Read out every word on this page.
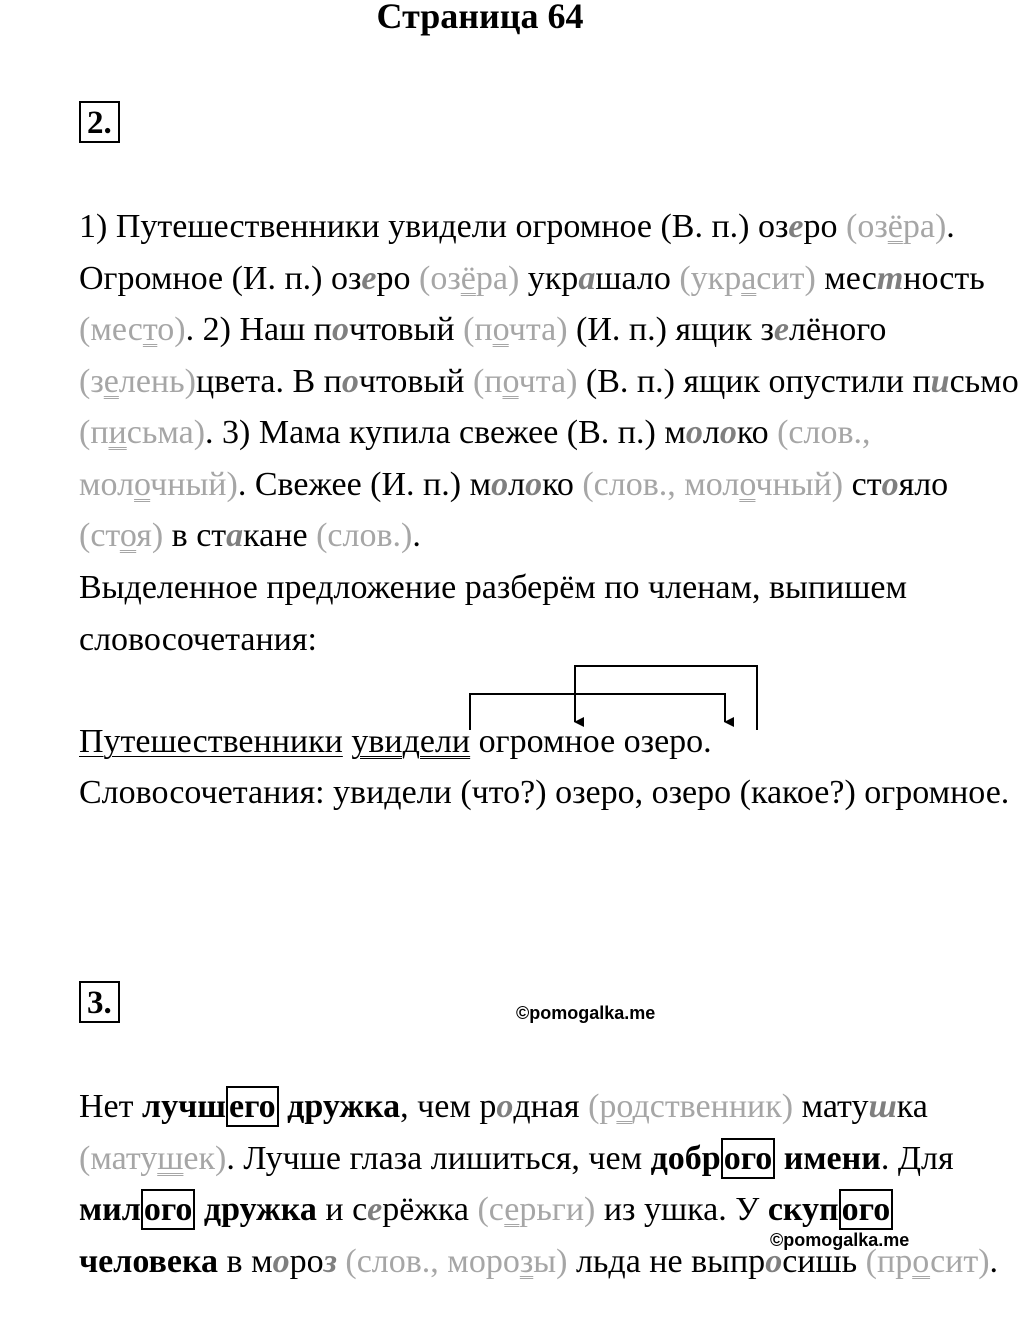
Страница 64
2.
1) Путешественники увидели огромное (В. п.) озеро (озёра). Огромное (И. п.) озеро (озёра) украшало (украсит) местность (место). 2) Наш почтовый (почта) (И. п.) ящик зелёного (зелень)цвета. В почтовый (почта) (В. п.) ящик опустили письмо (письма). 3) Мама купила свежее (В. п.) молоко (слов., молочный). Свежее (И. п.) молоко (слов., молочный) стояло (стоя) в стакане (слов.).
Выделенное предложение разберём по членам, выпишем словосочетания:
Путешественники увидели огромное озеро.
Словосочетания: увидели (что?) озеро, озеро (какое?) огромное.
3.	©pomogalka.me
Нет лучшего дружка, чем родная (родственник) матушка (матушек). Лучше глаза лишиться, чем доброго имени. Для милого дружка и серёжка (серьги) из ушка. У скупого человека в мороз (слов., морозы) льда не выпросишь (просит).
©pomogalka.me
